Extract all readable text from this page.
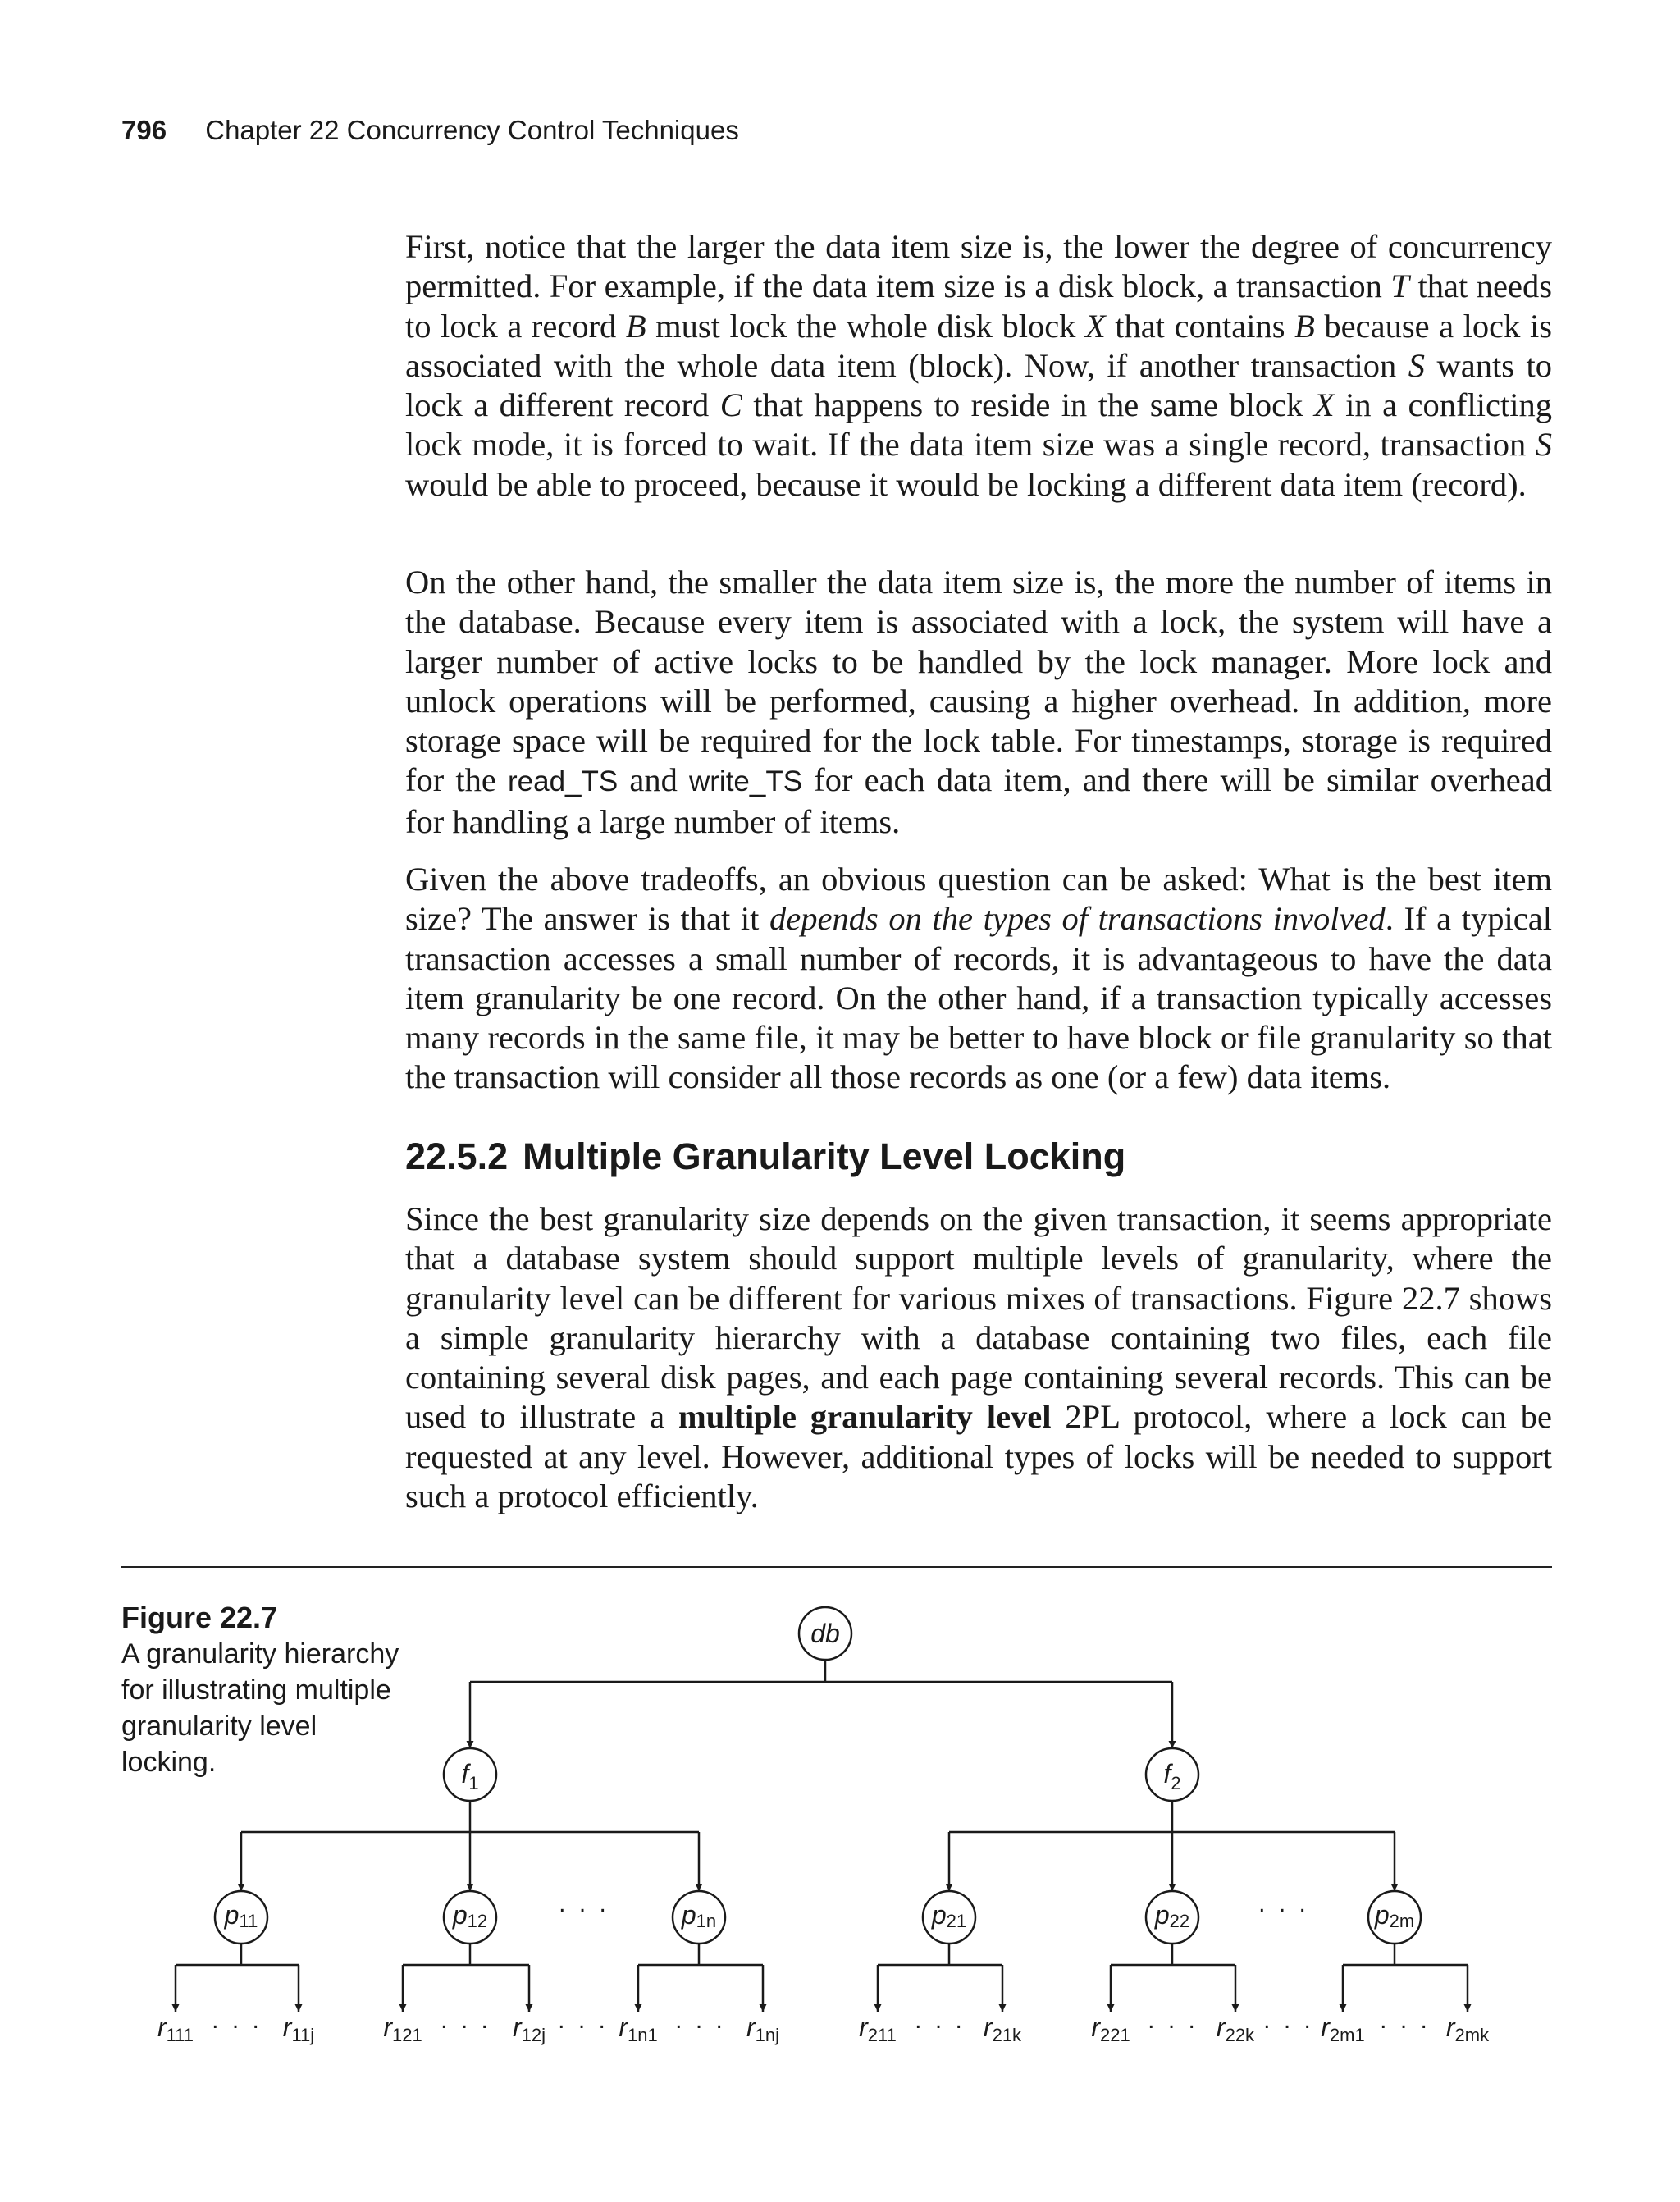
796 Chapter 22 Concurrency Control Techniques

First, notice that the larger the data item size is, the lower the degree of concurrency permitted. For example, if the data item size is a disk block, a transaction T that needs to lock a record B must lock the whole disk block X that contains B because a lock is associated with the whole data item (block). Now, if another transaction S wants to lock a different record C that happens to reside in the same block X in a conflicting lock mode, it is forced to wait. If the data item size was a single record, transaction S would be able to proceed, because it would be locking a different data item (record).

On the other hand, the smaller the data item size is, the more the number of items in the database. Because every item is associated with a lock, the system will have a larger number of active locks to be handled by the lock manager. More lock and unlock operations will be performed, causing a higher overhead. In addition, more storage space will be required for the lock table. For timestamps, storage is required for the read_TS and write_TS for each data item, and there will be similar overhead for handling a large number of items.

Given the above tradeoffs, an obvious question can be asked: What is the best item size? The answer is that it depends on the types of transactions involved. If a typical transaction accesses a small number of records, it is advantageous to have the data item granularity be one record. On the other hand, if a transaction typically accesses many records in the same file, it may be better to have block or file granularity so that the transaction will consider all those records as one (or a few) data items.

22.5.2 Multiple Granularity Level Locking

Since the best granularity size depends on the given transaction, it seems appropriate that a database system should support multiple levels of granularity, where the granularity level can be different for various mixes of transactions. Figure 22.7 shows a simple granularity hierarchy with a database containing two files, each file containing several disk pages, and each page containing several records. This can be used to illustrate a multiple granularity level 2PL protocol, where a lock can be requested at any level. However, additional types of locks will be needed to support such a protocol efficiently.

Figure 22.7
A granularity hierarchy for illustrating multiple granularity level locking.
db
$f_1$	$f_2$
p11	p12	p1n	p21	p22	p2m
. . .	. . .
r111	r11j	r121	r12j	r1n1	r1nj	r211	r21k	r221	r22k	r2m1	r2mk
. . .	. . .	. . .	. . .	. . .	. . .	. . .	. . .
